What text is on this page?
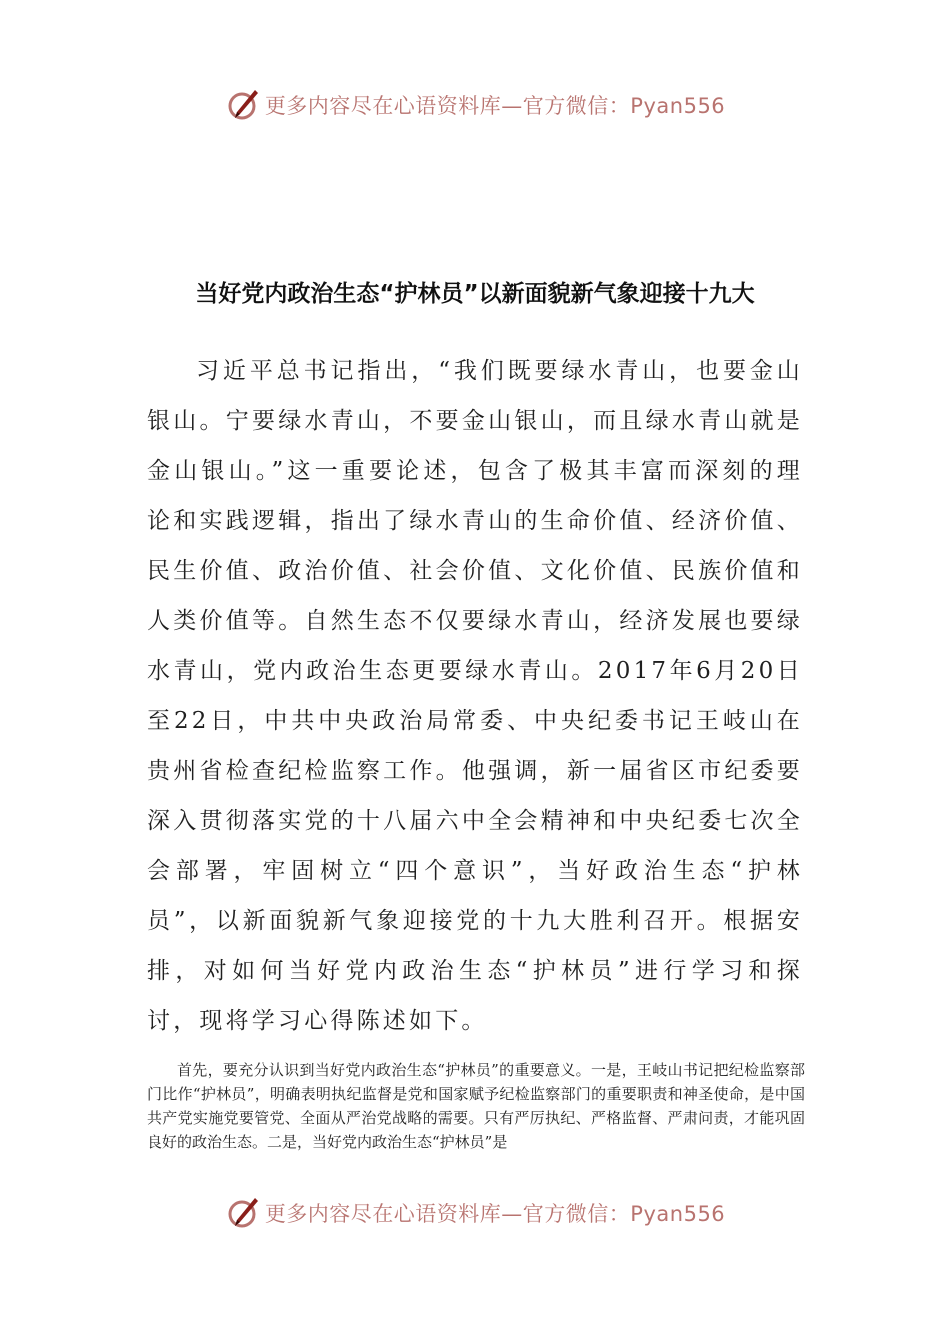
更多内容尽在心语资料库—官方微信：Pyan556
当好党内政治生态“护林员”以新面貌新气象迎接十九大

习近平总书记指出，“我们既要绿水青山，也要金山银山。宁要绿水青山，不要金山银山，而且绿水青山就是金山银山。”这一重要论述，包含了极其丰富而深刻的理论和实践逻辑，指出了绿水青山的生命价值、经济价值、民生价值、政治价值、社会价值、文化价值、民族价值和人类价值等。自然生态不仅要绿水青山，经济发展也要绿水青山，党内政治生态更要绿水青山。2017年6月20日至22日，中共中央政治局常委、中央纪委书记王岐山在贵州省检查纪检监察工作。他强调，新一届省区市纪委要深入贯彻落实党的十八届六中全会精神和中央纪委七次全会部署，牢固树立“四个意识”，当好政治生态“护林员”，以新面貌新气象迎接党的十九大胜利召开。根据安排，对如何当好党内政治生态“护林员”进行学习和探讨，现将学习心得陈述如下。

首先，要充分认识到当好党内政治生态“护林员”的重要意义。一是，王岐山书记把纪检监察部门比作“护林员”，明确表明执纪监督是党和国家赋予纪检监察部门的重要职责和神圣使命，是中国共产党实施党要管党、全面从严治党战略的需要。只有严厉执纪、严格监督、严肃问责，才能巩固良好的政治生态。二是，当好党内政治生态“护林员”是

更多内容尽在心语资料库—官方微信：Pyan556
